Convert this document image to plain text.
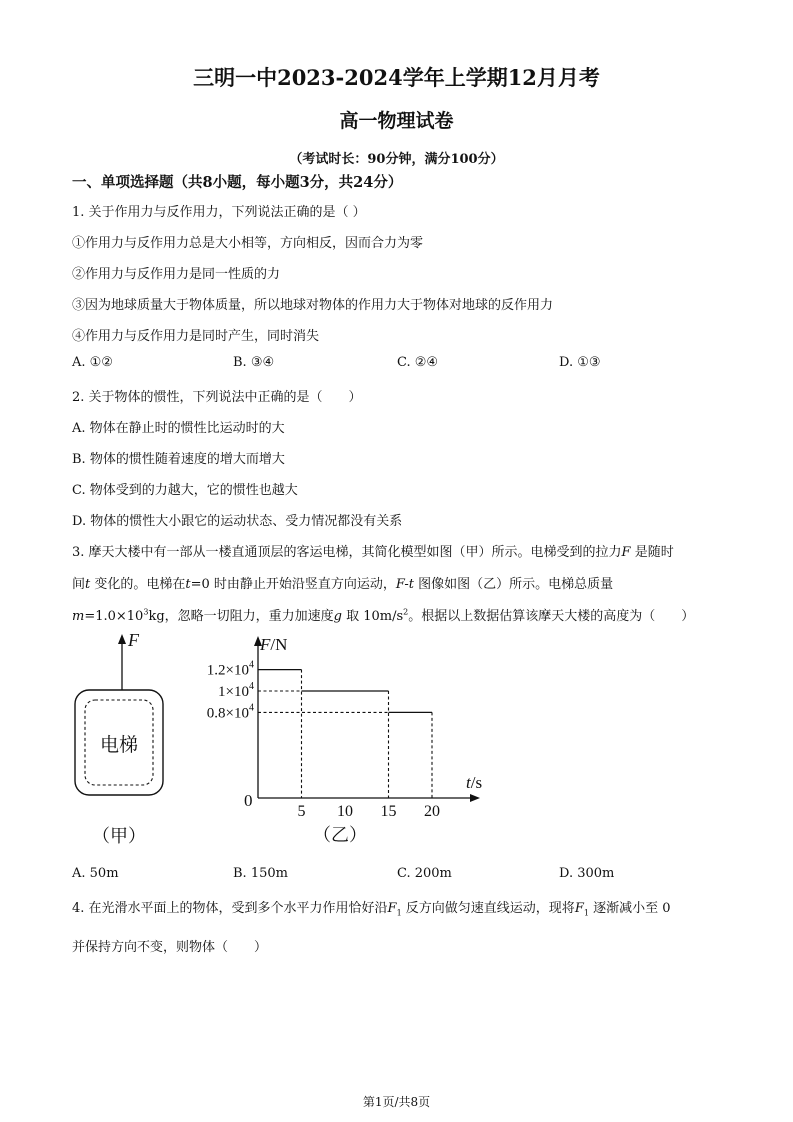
三明一中2023-2024学年上学期12月月考
高一物理试卷
（考试时长：90分钟，满分100分）
一、单项选择题（共8小题，每小题3分，共24分）
1. 关于作用力与反作用力，下列说法正确的是（ ）
①作用力与反作用力总是大小相等，方向相反，因而合力为零
②作用力与反作用力是同一性质的力
③因为地球质量大于物体质量，所以地球对物体的作用力大于物体对地球的反作用力
④作用力与反作用力是同时产生，同时消失
A. ①②	B. ③④	C. ②④	D. ①③
2. 关于物体的惯性，下列说法中正确的是（　　）
A. 物体在静止时的惯性比运动时的大
B. 物体的惯性随着速度的增大而增大
C. 物体受到的力越大，它的惯性也越大
D. 物体的惯性大小跟它的运动状态、受力情况都没有关系
3. 摩天大楼中有一部从一楼直通顶层的客运电梯，其简化模型如图（甲）所示。电梯受到的拉力F 是随时
间t 变化的。电梯在t=0 时由静止开始沿竖直方向运动，F-t 图像如图（乙）所示。电梯总质量
$m=1.0\times 10^3kg$，忽略一切阻力，重力加速度g 取 $10m/s^2$。根据以上数据估算该摩天大楼的高度为（　　）
F
电梯
（甲）
F/N
t/s
0
5 10 15 20
$1.2\times 10^4$
$1\times 10^4$
$0.8\times 10^4$
（乙）
A. 50m	B. 150m	C. 200m	D. 300m
4. 在光滑水平面上的物体，受到多个水平力作用恰好沿$F_1$ 反方向做匀速直线运动，现将$F_1$ 逐渐减小至 0
并保持方向不变，则物体（　　）
第1页/共8页
